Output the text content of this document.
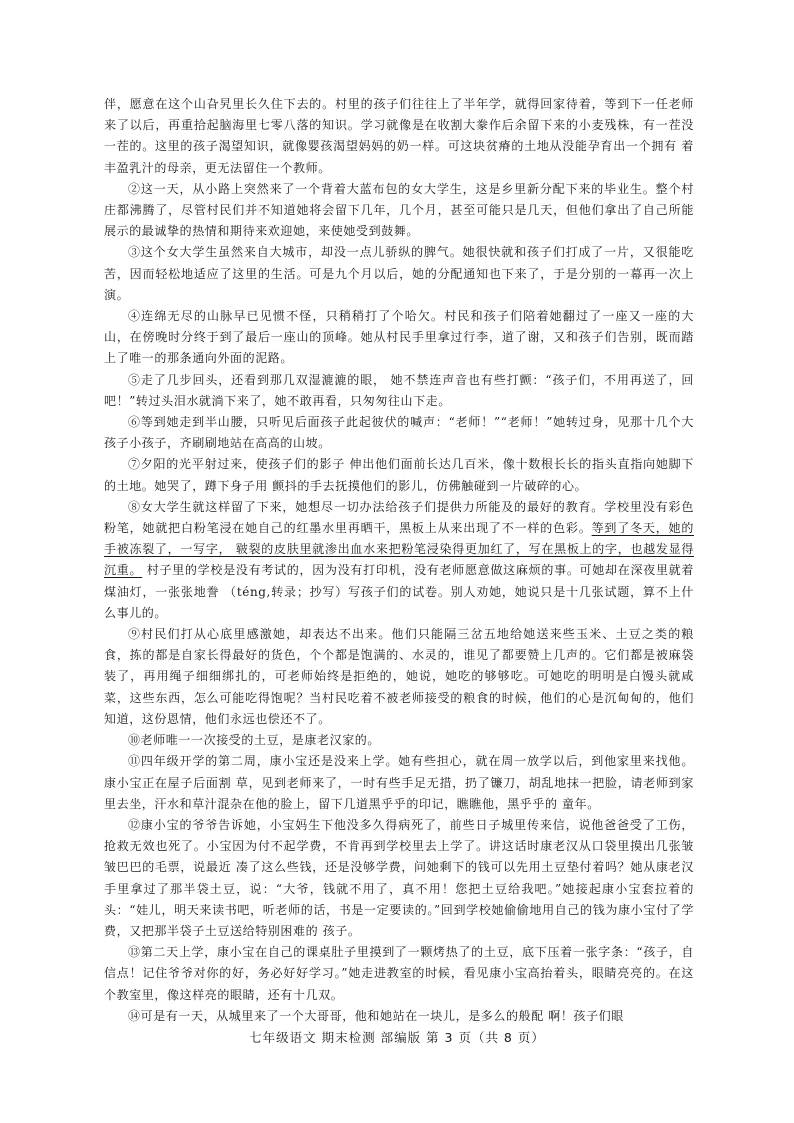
伴，愿意在这个山旮旯里长久住下去的。村里的孩子们往往上了半年学，就得回家待着，等到下一任老师来了以后，再重拾起脑海里七零八落的知识。学习就像是在收割大豢作后余留下来的小麦残株，有一茬没一茬的。这里的孩子渴望知识，就像婴孩渴望妈妈的奶一样。可这块贫瘠的土地从没能孕育出一个拥有 着丰盈乳汁的母亲，更无法留住一个教师。

②这一天，从小路上突然来了一个背着大蓝布包的女大学生，这是乡里新分配下来的毕业生。整个村庄都沸腾了，尽管村民们并不知道她将会留下几年，几个月，甚至可能只是几天，但他们拿出了自己所能展示的最诚挚的热情和期待来欢迎她，来使她受到鼓舞。

③这个女大学生虽然来自大城市，却没一点儿骄纵的脾气。她很快就和孩子们打成了一片，又很能吃苦，因而轻松地适应了这里的生活。可是九个月以后，她的分配通知也下来了，于是分别的一幕再一次上演。

④连绵无尽的山脉早已见惯不怪，只稍稍打了个哈欠。村民和孩子们陪着她翻过了一座又一座的大山，在傍晚时分终于到了最后一座山的顶峰。她从村民手里拿过行李，道了谢，又和孩子们告别，既而踏上了唯一的那条通向外面的泥路。

⑤走了几步回头，还看到那几双湿漉漉的眼， 她不禁连声音也有些打颤：“孩子们，不用再送了，回吧！”转过头泪水就淌下来了，她不敢再看，只匆匆往山下走。

⑥等到她走到半山腰，只听见后面孩子此起彼伏的喊声：“老师！”“老师！”她转过身，见那十几个大孩子小孩子，齐刷刷地站在高高的山坡。

⑦夕阳的光平射过来，使孩子们的影子 伸出他们面前长达几百米，像十数根长长的指头直指向她脚下的土地。她哭了，蹲下身子用 颤抖的手去抚摸他们的影儿，仿佛触碰到一片破碎的心。

⑧女大学生就这样留了下来，她想尽一切办法给孩子们提供力所能及的最好的教育。学校里没有彩色粉笔，她就把白粉笔浸在她自己的红墨水里再晒干，黑板上从来出现了不一样的色彩。等到了冬天，她的手被冻裂了，一写字， 皲裂的皮肤里就渗出血水来把粉笔浸染得更加红了，写在黑板上的字，也越发显得沉重。 村子里的学校是没有考试的，因为没有打印机，没有老师愿意做这麻烦的事。可她却在深夜里就着煤油灯，一张张地誊 （téng,转录；抄写）写孩子们的试卷。别人劝她，她说只是十几张试题，算不上什么事儿的。

⑨村民们打从心底里感激她，却表达不出来。他们只能隔三岔五地给她送来些玉米、土豆之类的粮食，拣的都是自家长得最好的货色，个个都是饱满的、水灵的，谁见了都要赞上几声的。它们都是被麻袋装了，再用绳子细细绑扎的，可老师始终是拒绝的，她说，她吃的够够吃。可她吃的明明是白馒头就咸菜，这些东西，怎么可能吃得饱呢？当村民吃着不被老师接受的粮食的时候，他们的心是沉甸甸的，他们知道，这份恩情，他们永远也偿还不了。

⑩老师唯一一次接受的土豆，是康老汉家的。

⑪四年级开学的第二周，康小宝还是没来上学。她有些担心，就在周一放学以后，到他家里来找他。康小宝正在屋子后面割 草，见到老师来了，一时有些手足无措，扔了镰刀，胡乱地抹一把脸，请老师到家里去坐，汗水和草汁混杂在他的脸上，留下几道黑乎乎的印记，瞧瞧他，黑乎乎的 童年。

⑫康小宝的爷爷告诉她，小宝妈生下他没多久得病死了，前些日子城里传来信，说他爸爸受了工伤，抢救无效也死了。小宝因为付不起学费，不肯再到学校里去上学了。讲这话时康老汉从口袋里摸出几张皱皱巴巴的毛票，说最近 凑了这么些钱，还是没够学费，问她剩下的钱可以先用土豆垫付着吗？她从康老汉手里拿过了那半袋土豆，说：“大爷，钱就不用了，真不用！您把土豆给我吧。”她接起康小宝套拉着的头：“娃儿，明天来读书吧，听老师的话，书是一定要读的。”回到学校她偷偷地用自己的钱为康小宝付了学费，又把那半袋子土豆送给特别困难的 孩子。

⑬第二天上学，康小宝在自己的课桌肚子里摸到了一颗烤热了的土豆，底下压着一张字条：“孩子，自信点！记住爷爷对你的好，务必好好学习。”她走进教室的时候，看见康小宝高抬着头，眼睛亮亮的。在这个教室里，像这样亮的眼睛，还有十几双。

⑭可是有一天，从城里来了一个大哥哥，他和她站在一块儿，是多么的般配 啊！孩子们眼

七年级语文 期末检测 部编版 第 3 页（共 8 页）
